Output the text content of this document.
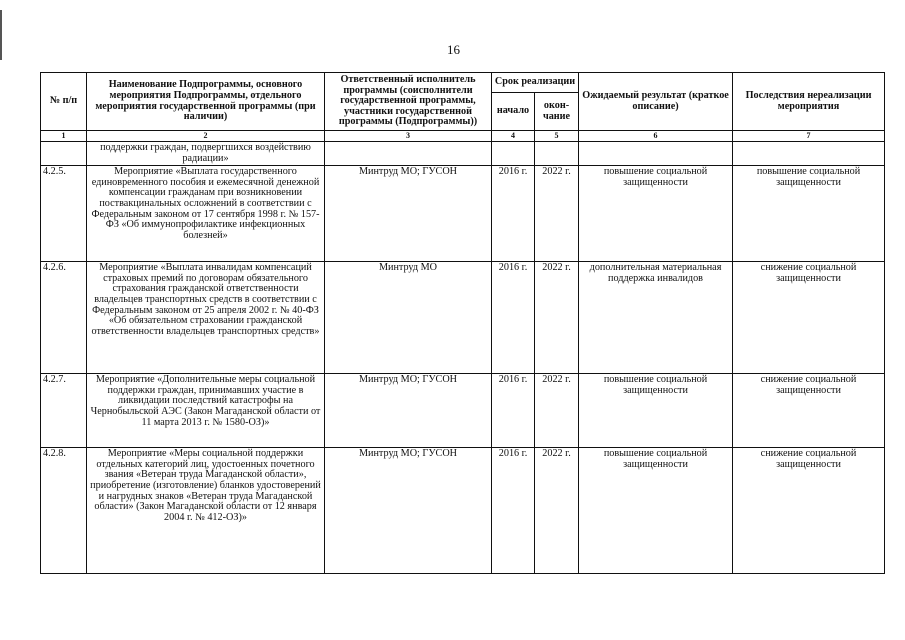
16
№ п/п	Наименование Подпрограммы, основного мероприятия Подпрограммы, отдельного мероприятия государственной программы (при наличии)	Ответственный исполнитель программы (соисполнители государственной программы, участники государственной программы (Подпрограммы))	Срок реализации		Ожидаемый результат (краткое описание)	Последствия нереализации мероприятия
			начало	окон-чание		
1	2	3	4	5	6	7
	поддержки граждан, подвергшихся воздействию радиации»					
4.2.5.	Мероприятие «Выплата государственного единовременного пособия и ежемесячной денежной компенсации гражданам при возникновении поствакцинальных осложнений в соответствии с Федеральным законом от 17 сентября 1998 г. № 157-ФЗ «Об иммунопрофилактике инфекционных болезней»	Минтруд МО; ГУСОН	2016 г.	2022 г.	повышение социальной защищенности	повышение социальной защищенности
4.2.6.	Мероприятие «Выплата инвалидам компенсаций страховых премий по договорам обязательного страхования гражданской ответственности владельцев транспортных средств в соответствии с Федеральным законом от 25 апреля 2002 г. № 40-ФЗ «Об обязательном страховании гражданской ответственности владельцев транспортных средств»	Минтруд МО	2016 г.	2022 г.	дополнительная материальная поддержка инвалидов	снижение социальной защищенности
4.2.7.	Мероприятие «Дополнительные меры социальной поддержки граждан, принимавших участие в ликвидации последствий катастрофы на Чернобыльской АЭС (Закон Магаданской области от 11 марта 2013 г. № 1580-ОЗ)»	Минтруд МО; ГУСОН	2016 г.	2022 г.	повышение социальной защищенности	снижение социальной защищенности
4.2.8.	Мероприятие «Меры социальной поддержки отдельных категорий лиц, удостоенных почетного звания «Ветеран труда Магаданской области», приобретение (изготовление) бланков удостоверений и нагрудных знаков «Ветеран труда Магаданской области» (Закон Магаданской области от 12 января 2004 г. № 412-ОЗ)»	Минтруд МО; ГУСОН	2016 г.	2022 г.	повышение социальной защищенности	снижение социальной защищенности
